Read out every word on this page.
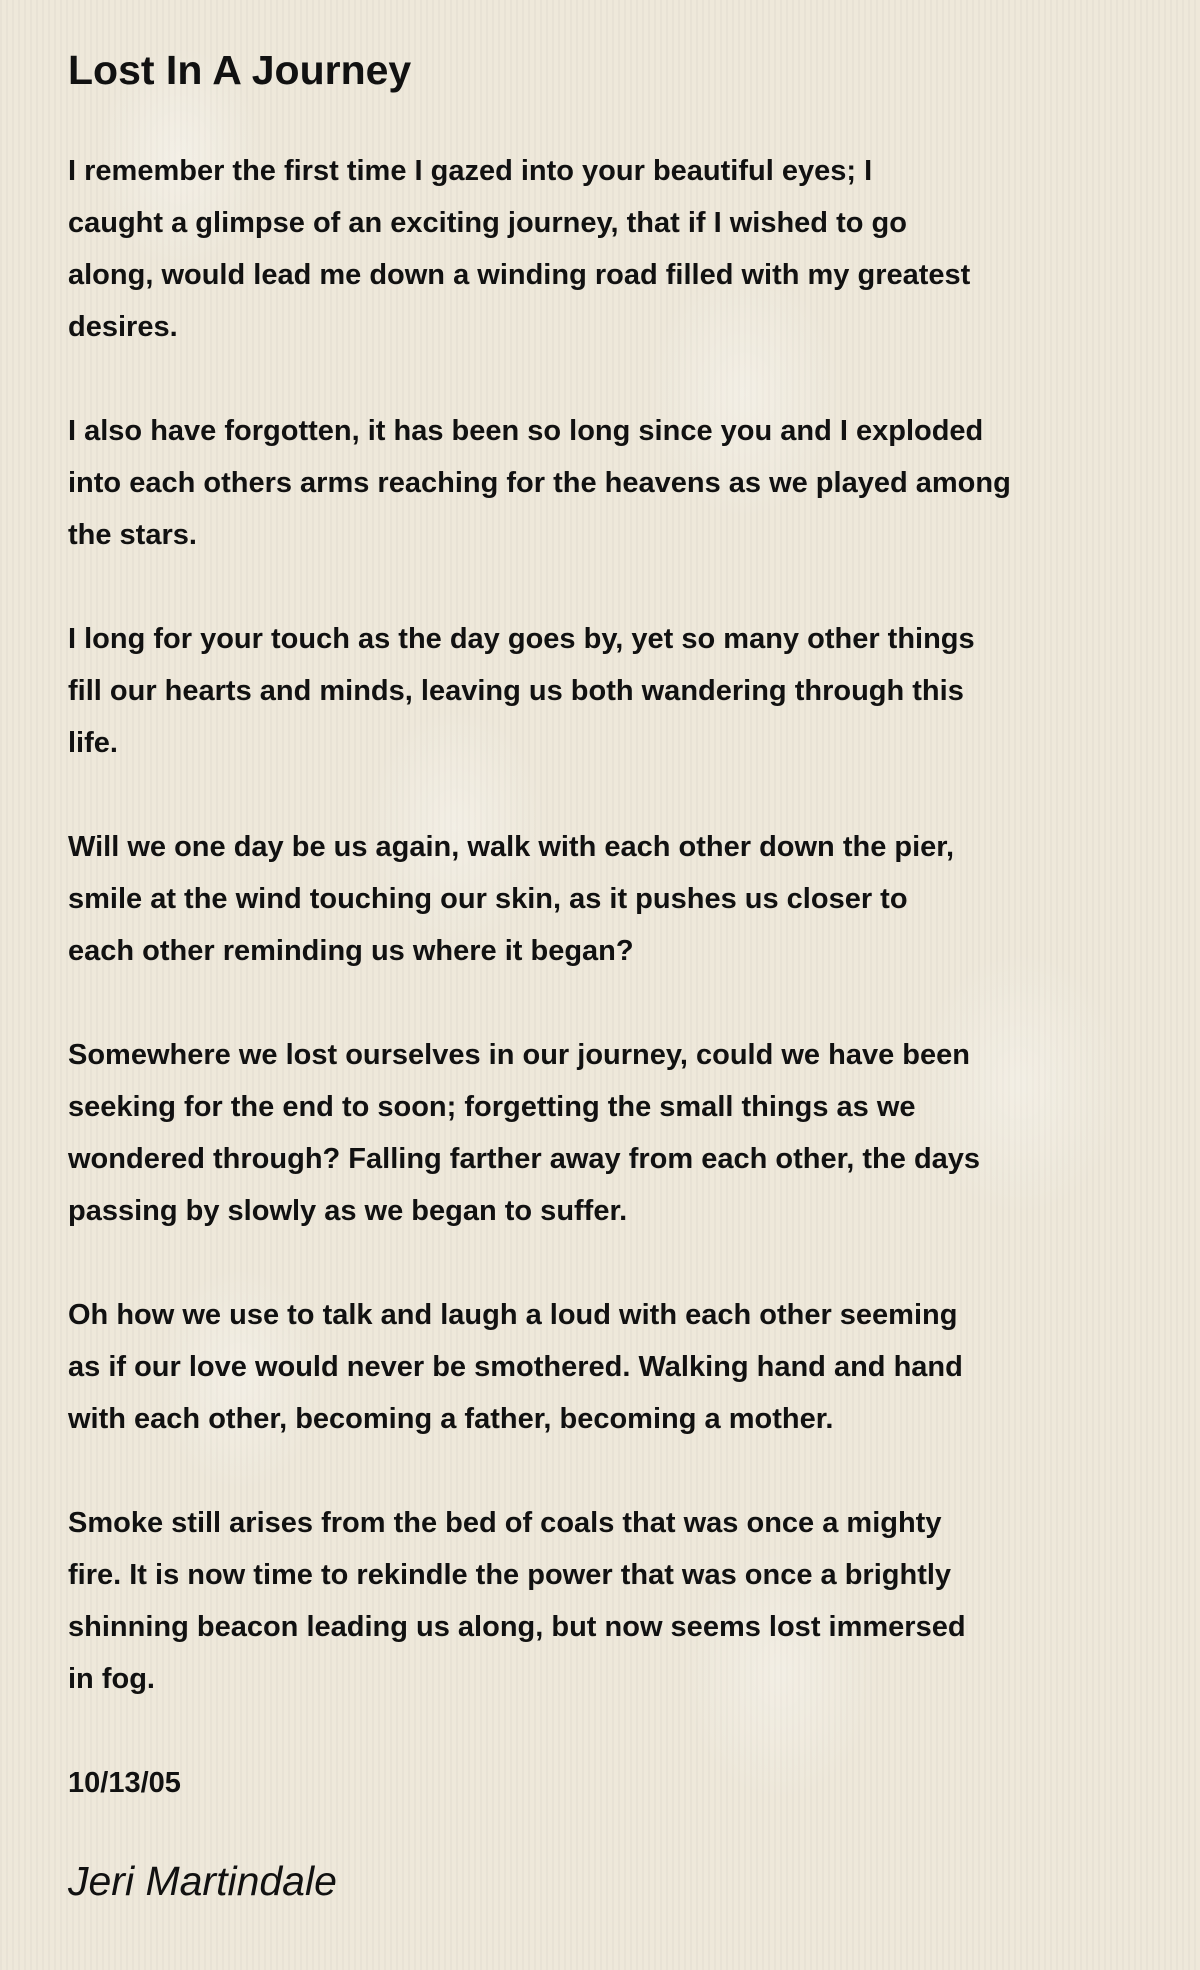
Lost In A Journey
I remember the first time I gazed into your beautiful eyes; I
caught a glimpse of an exciting journey, that if I wished to go
along, would lead me down a winding road filled with my greatest
desires.
I also have forgotten, it has been so long since you and I exploded
into each others arms reaching for the heavens as we played among
the stars.
I long for your touch as the day goes by, yet so many other things
fill our hearts and minds, leaving us both wandering through this
life.
Will we one day be us again, walk with each other down the pier,
smile at the wind touching our skin, as it pushes us closer to
each other reminding us where it began?
Somewhere we lost ourselves in our journey, could we have been
seeking for the end to soon; forgetting the small things as we
wondered through? Falling farther away from each other, the days
passing by slowly as we began to suffer.
Oh how we use to talk and laugh a loud with each other seeming
as if our love would never be smothered. Walking hand and hand
with each other, becoming a father, becoming a mother.
Smoke still arises from the bed of coals that was once a mighty
fire. It is now time to rekindle the power that was once a brightly
shinning beacon leading us along, but now seems lost immersed
in fog.
10/13/05
Jeri Martindale
